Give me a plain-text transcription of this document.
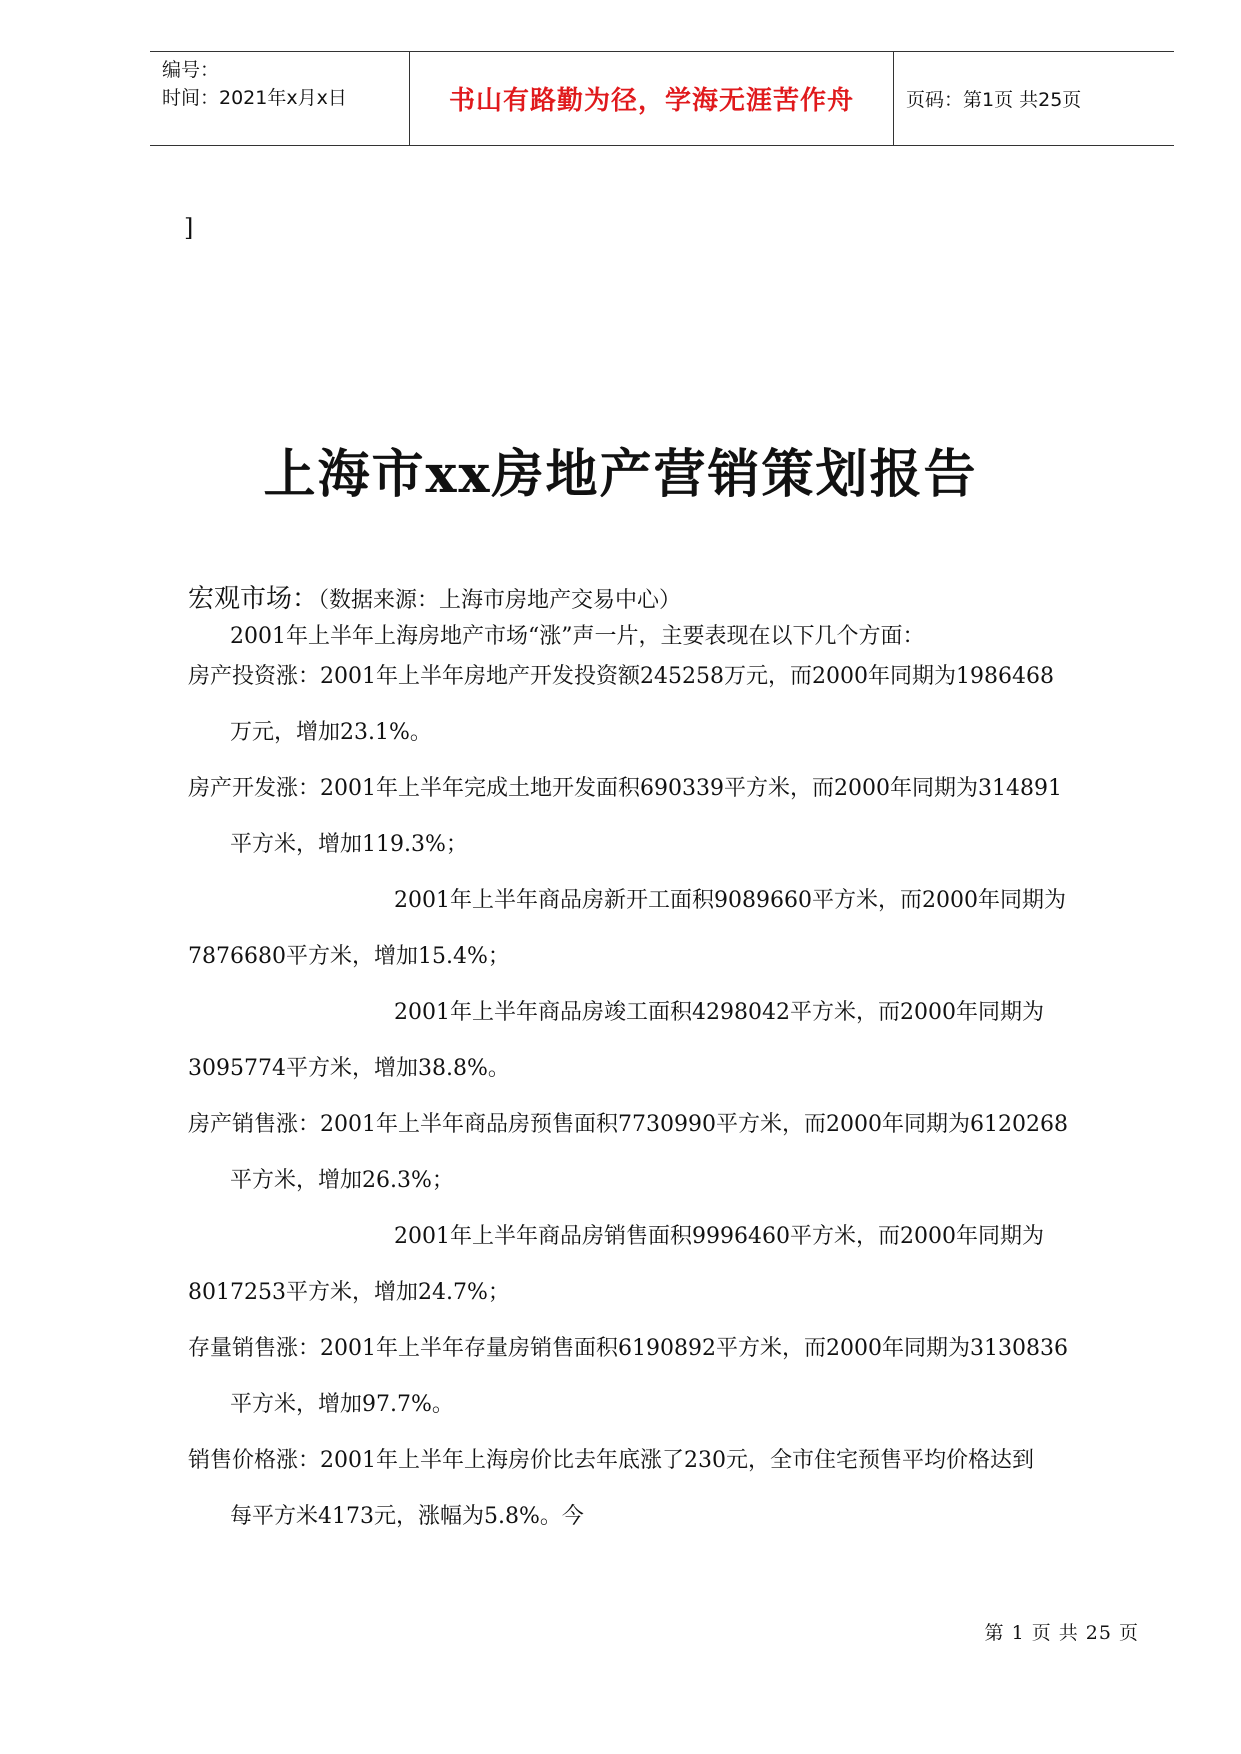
编号：
时间：2021年x月x日	书山有路勤为径，学海无涯苦作舟	页码：第1页 共25页
]
上海市xx房地产营销策划报告
宏观市场：（数据来源：上海市房地产交易中心）
2001年上半年上海房地产市场“涨”声一片，主要表现在以下几个方面：
房产投资涨：2001年上半年房地产开发投资额245258万元，而2000年同期为1986468
万元，增加23.1%。
房产开发涨：2001年上半年完成土地开发面积690339平方米，而2000年同期为314891
平方米，增加119.3%；
2001年上半年商品房新开工面积9089660平方米，而2000年同期为
7876680平方米，增加15.4%；
2001年上半年商品房竣工面积4298042平方米，而2000年同期为
3095774平方米，增加38.8%。
房产销售涨：2001年上半年商品房预售面积7730990平方米，而2000年同期为6120268
平方米，增加26.3%；
2001年上半年商品房销售面积9996460平方米，而2000年同期为
8017253平方米，增加24.7%；
存量销售涨：2001年上半年存量房销售面积6190892平方米，而2000年同期为3130836
平方米，增加97.7%。
销售价格涨：2001年上半年上海房价比去年底涨了230元，全市住宅预售平均价格达到
每平方米4173元，涨幅为5.8%。今
第 1 页 共 25 页
